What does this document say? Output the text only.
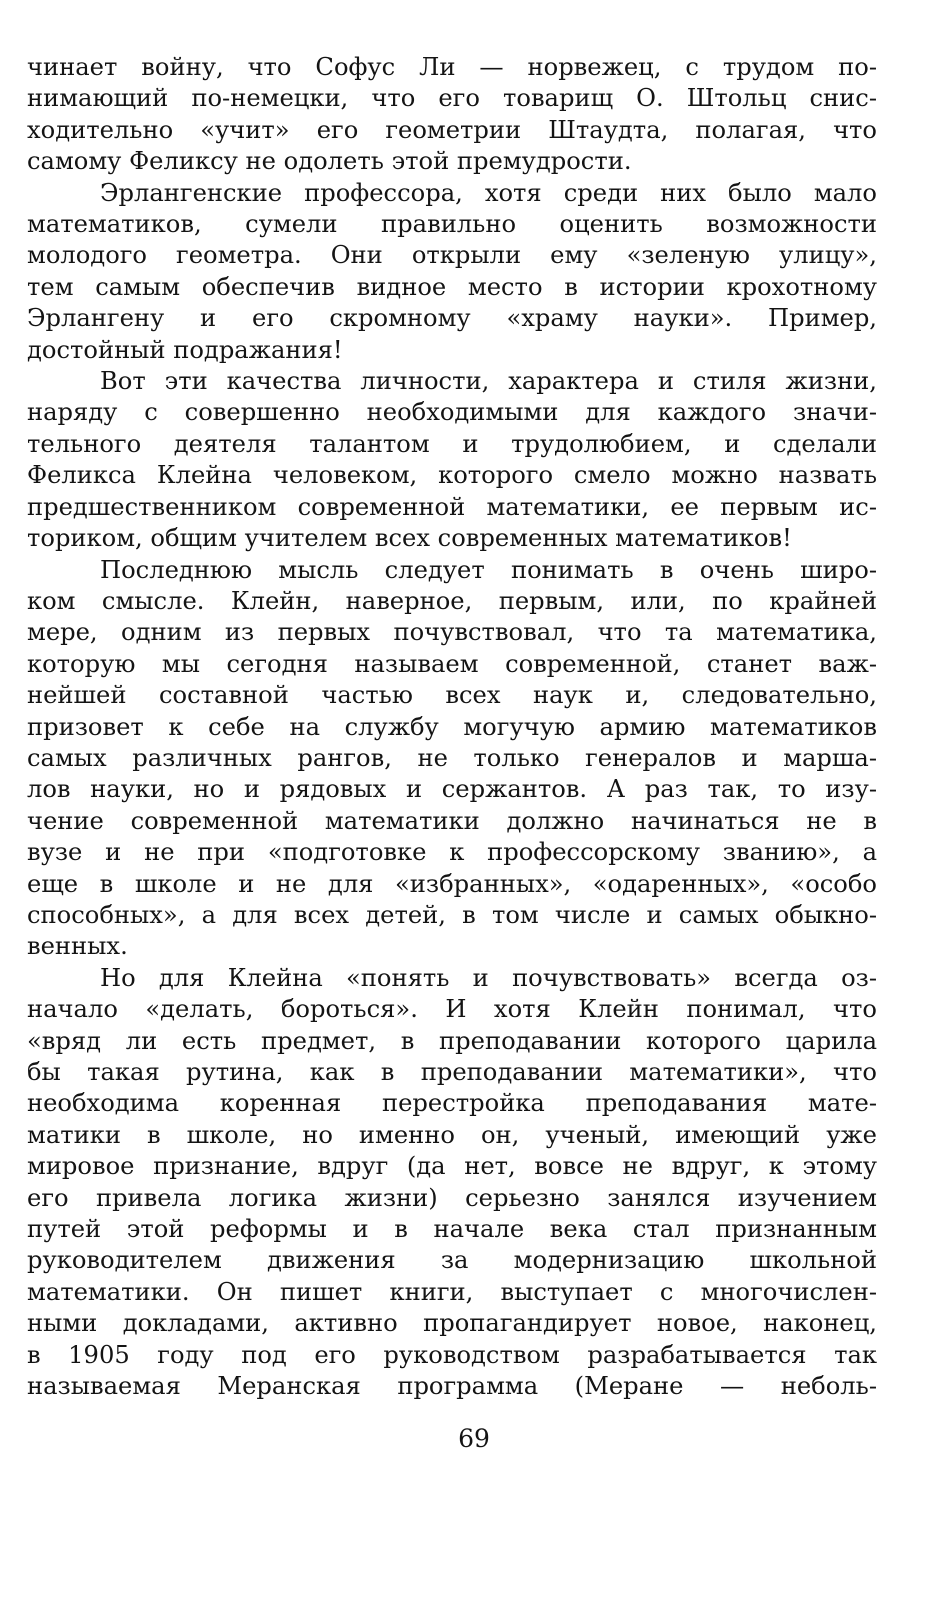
чинает войну, что Софус Ли — норвежец, с трудом по-
нимающий по-немецки, что его товарищ О. Штольц снис-
ходительно «учит» его геометрии Штаудта, полагая, что
самому Феликсу не одолеть этой премудрости.
Эрлангенские профессора, хотя среди них было мало
математиков, сумели правильно оценить возможности
молодого геометра. Они открыли ему «зеленую улицу»,
тем самым обеспечив видное место в истории крохотному
Эрлангену и его скромному «храму науки». Пример,
достойный подражания!
Вот эти качества личности, характера и стиля жизни,
наряду с совершенно необходимыми для каждого значи-
тельного деятеля талантом и трудолюбием, и сделали
Феликса Клейна человеком, которого смело можно назвать
предшественником современной математики, ее первым ис-
ториком, общим учителем всех современных математиков!
Последнюю мысль следует понимать в очень широ-
ком смысле. Клейн, наверное, первым, или, по крайней
мере, одним из первых почувствовал, что та математика,
которую мы сегодня называем современной, станет важ-
нейшей составной частью всех наук и, следовательно,
призовет к себе на службу могучую армию математиков
самых различных рангов, не только генералов и марша-
лов науки, но и рядовых и сержантов. А раз так, то изу-
чение современной математики должно начинаться не в
вузе и не при «подготовке к профессорскому званию», а
еще в школе и не для «избранных», «одаренных», «особо
способных», а для всех детей, в том числе и самых обыкно-
венных.
Но для Клейна «понять и почувствовать» всегда оз-
начало «делать, бороться». И хотя Клейн понимал, что
«вряд ли есть предмет, в преподавании которого царила
бы такая рутина, как в преподавании математики», что
необходима коренная перестройка преподавания мате-
матики в школе, но именно он, ученый, имеющий уже
мировое признание, вдруг (да нет, вовсе не вдруг, к этому
его привела логика жизни) серьезно занялся изучением
путей этой реформы и в начале века стал признанным
руководителем движения за модернизацию школьной
математики. Он пишет книги, выступает с многочислен-
ными докладами, активно пропагандирует новое, наконец,
в 1905 году под его руководством разрабатывается так
называемая Меранская программа (Меране — неболь-
69
